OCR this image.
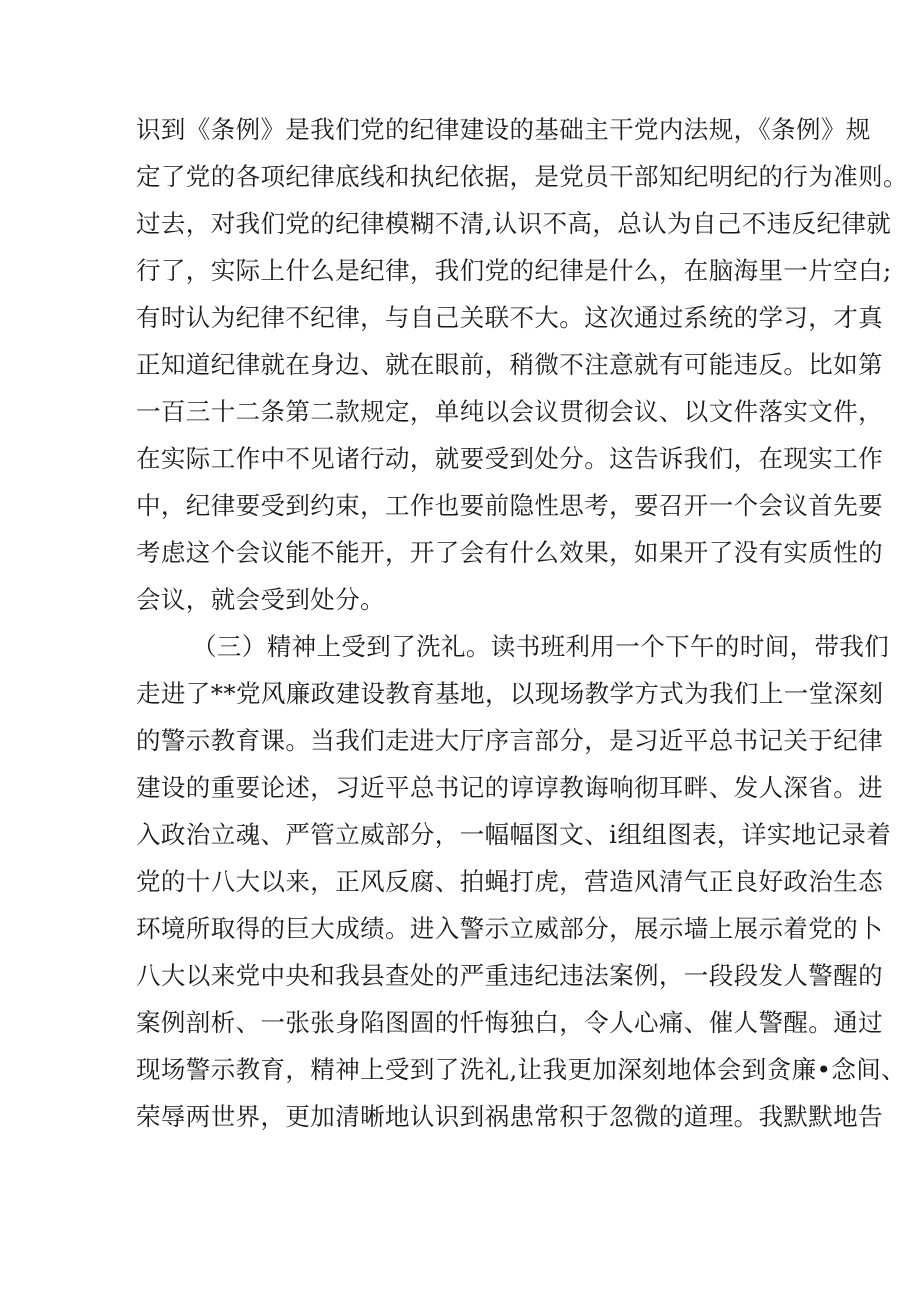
识到《条例》是我们党的纪律建设的基础主干党内法规，《条例》规
定了党的各项纪律底线和执纪依据，是党员干部知纪明纪的行为准则。
过去，对我们党的纪律模糊不清,认识不高，总认为自己不违反纪律就
行了，实际上什么是纪律，我们党的纪律是什么，在脑海里一片空白;
有时认为纪律不纪律，与自己关联不大。这次通过系统的学习，才真
正知道纪律就在身边、就在眼前，稍微不注意就有可能违反。比如第
一百三十二条第二款规定，单纯以会议贯彻会议、以文件落实文件，
在实际工作中不见诸行动，就要受到处分。这告诉我们，在现实工作
中，纪律要受到约束，工作也要前隐性思考，要召开一个会议首先要
考虑这个会议能不能开，开了会有什么效果，如果开了没有实质性的
会议，就会受到处分。
（三）精神上受到了洗礼。读书班利用一个下午的时间，带我们
走进了**党风廉政建设教育基地，以现场教学方式为我们上一堂深刻
的警示教育课。当我们走进大厅序言部分，是习近平总书记关于纪律
建设的重要论述，习近平总书记的谆谆教诲响彻耳畔、发人深省。进
入政治立魂、严管立威部分，一幅幅图文、i组组图表，详实地记录着
党的十八大以来，正风反腐、拍蝇打虎，营造风清气正良好政治生态
环境所取得的巨大成绩。进入警示立威部分，展示墙上展示着党的卜
八大以来党中央和我县查处的严重违纪违法案例，一段段发人警醒的
案例剖析、一张张身陷图圄的忏悔独白，令人心痛、催人警醒。通过
现场警示教育，精神上受到了洗礼,让我更加深刻地体会到贪廉•念间、
荣辱两世界，更加清晰地认识到祸患常积于忽微的道理。我默默地告
